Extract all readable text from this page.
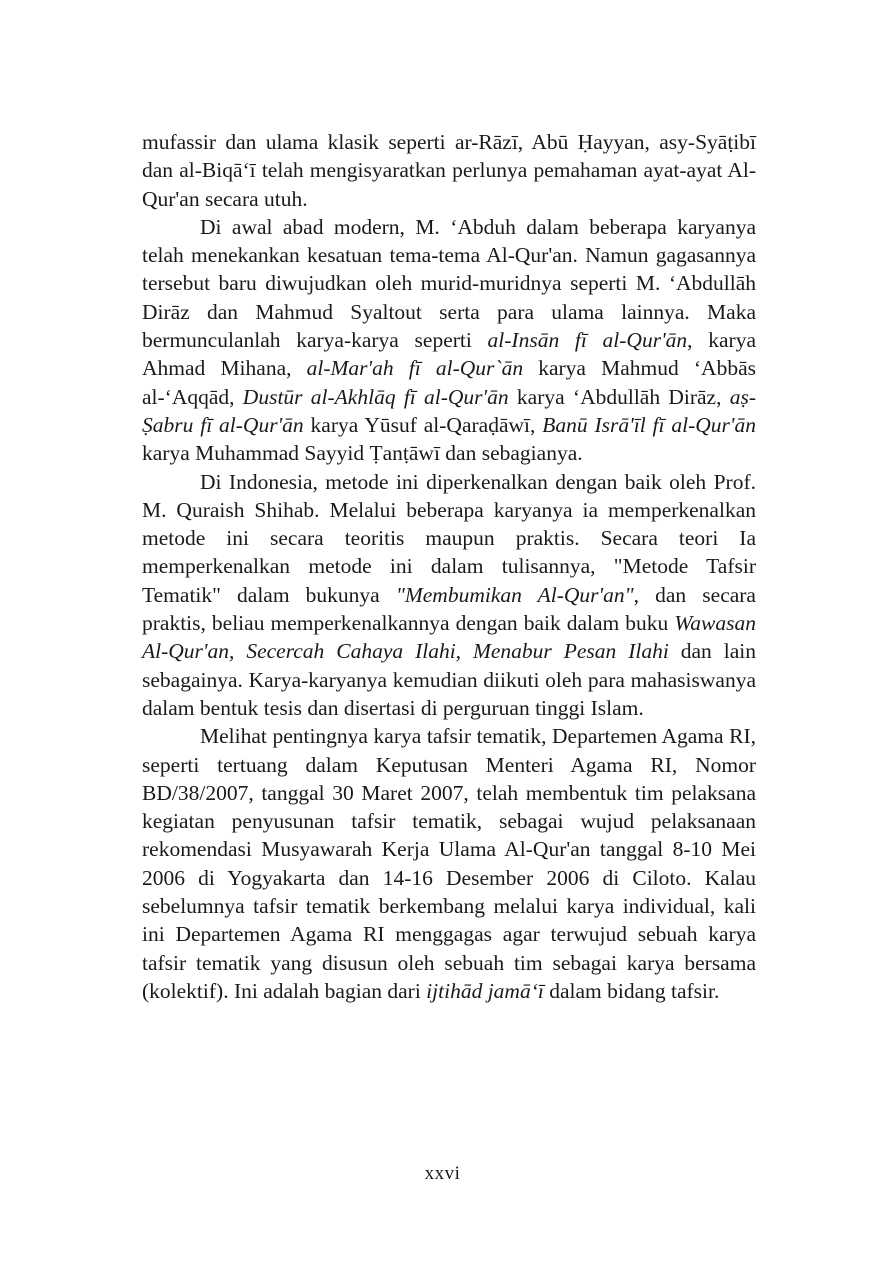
mufassir dan ulama klasik seperti ar-Rāzī, Abū Ḥayyan, asy-Syāṭibī dan al-Biqā‘ī telah mengisyaratkan perlunya pemahaman ayat-ayat Al-Qur'an secara utuh.

Di awal abad modern, M. ‘Abduh dalam beberapa karyanya telah menekankan kesatuan tema-tema Al-Qur'an. Namun gagasannya tersebut baru diwujudkan oleh murid-muridnya seperti M. ‘Abdullāh Dirāz dan Mahmud Syaltout serta para ulama lainnya. Maka bermunculanlah karya-karya seperti al-Insān fī al-Qur'ān, karya Ahmad Mihana, al-Mar'ah fī al-Qur`ān karya Mahmud ‘Abbās al-‘Aqqād, Dustūr al-Akhlāq fī al-Qur'ān karya ‘Abdullāh Dirāz, aṣ-Ṣabru fī al-Qur'ān karya Yūsuf al-Qaraḍāwī, Banū Isrā'īl fī al-Qur'ān karya Muhammad Sayyid Ṭanṭāwī dan sebagianya.

Di Indonesia, metode ini diperkenalkan dengan baik oleh Prof. M. Quraish Shihab. Melalui beberapa karyanya ia memperkenalkan metode ini secara teoritis maupun praktis. Secara teori Ia memperkenalkan metode ini dalam tulisannya, "Metode Tafsir Tematik" dalam bukunya "Membumikan Al-Qur'an", dan secara praktis, beliau memperkenalkannya dengan baik dalam buku Wawasan Al-Qur'an, Secercah Cahaya Ilahi, Menabur Pesan Ilahi dan lain sebagainya. Karya-karyanya kemudian diikuti oleh para mahasiswanya dalam bentuk tesis dan disertasi di perguruan tinggi Islam.

Melihat pentingnya karya tafsir tematik, Departemen Agama RI, seperti tertuang dalam Keputusan Menteri Agama RI, Nomor BD/38/2007, tanggal 30 Maret 2007, telah membentuk tim pelaksana kegiatan penyusunan tafsir tematik, sebagai wujud pelaksanaan rekomendasi Musyawarah Kerja Ulama Al-Qur'an tanggal 8-10 Mei 2006 di Yogyakarta dan 14-16 Desember 2006 di Ciloto. Kalau sebelumnya tafsir tematik berkembang melalui karya individual, kali ini Departemen Agama RI menggagas agar terwujud sebuah karya tafsir tematik yang disusun oleh sebuah tim sebagai karya bersama (kolektif). Ini adalah bagian dari ijtihād jamā‘ī dalam bidang tafsir.

xxvi
